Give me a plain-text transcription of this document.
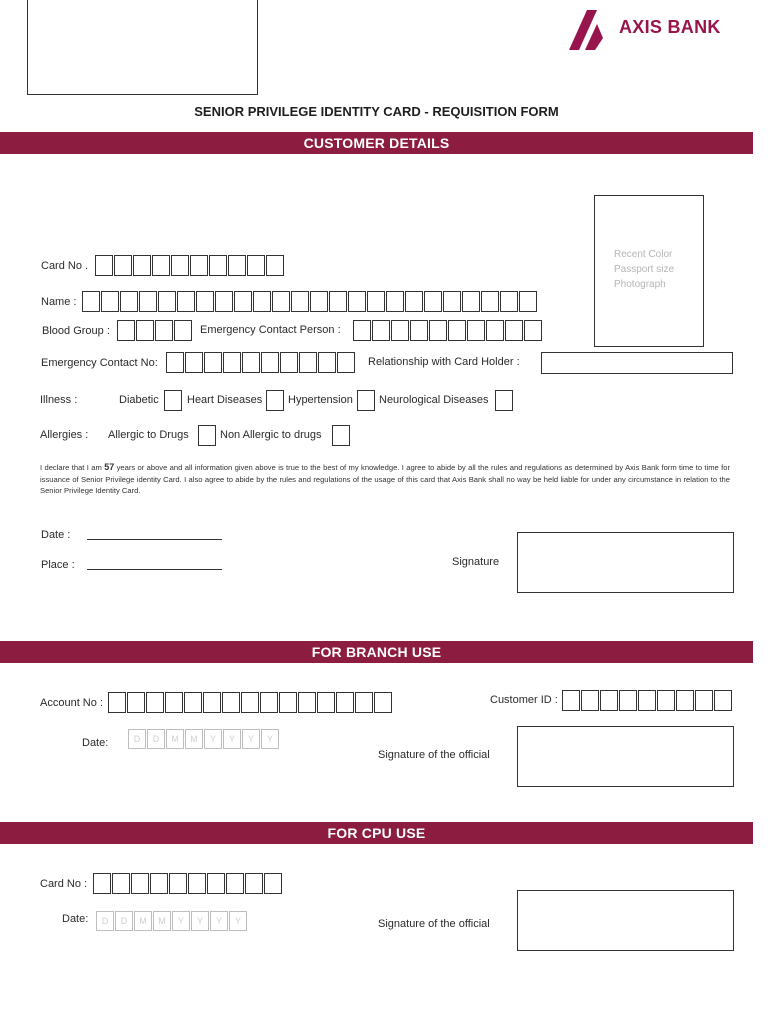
AXIS BANK
SENIOR PRIVILEGE IDENTITY CARD - REQUISITION FORM
CUSTOMER DETAILS
Recent Color Passport size Photograph
Card No .
Name :
Blood Group :	Emergency Contact Person :
Emergency Contact No:	Relationship with Card Holder :
Illness :	Diabetic	Heart Diseases Hypertension Neurological Diseases
Allergies : Allergic to Drugs	Non Allergic to drugs
I declare that I am 57 years or above and all information given above is true to the best of my knowledge. I agree to abide by all the rules and regulations as determined by Axis Bank form time to time for issuance of Senior Privilege identity Card. I also agree to abide by the rules and regulations of the usage of this card that Axis Bank shall no way be held liable for under any circumstance in relation to the Senior Privilege Identity Card.
Date :
Place :	Signature
FOR BRANCH USE
Account No :	Customer ID :
Date:	D	D	M	M	Y	Y	Y	Y
Signature of the official
FOR CPU USE
Card No :
Date:	D	D	M	M	Y	Y	Y	Y	Signature of the official
